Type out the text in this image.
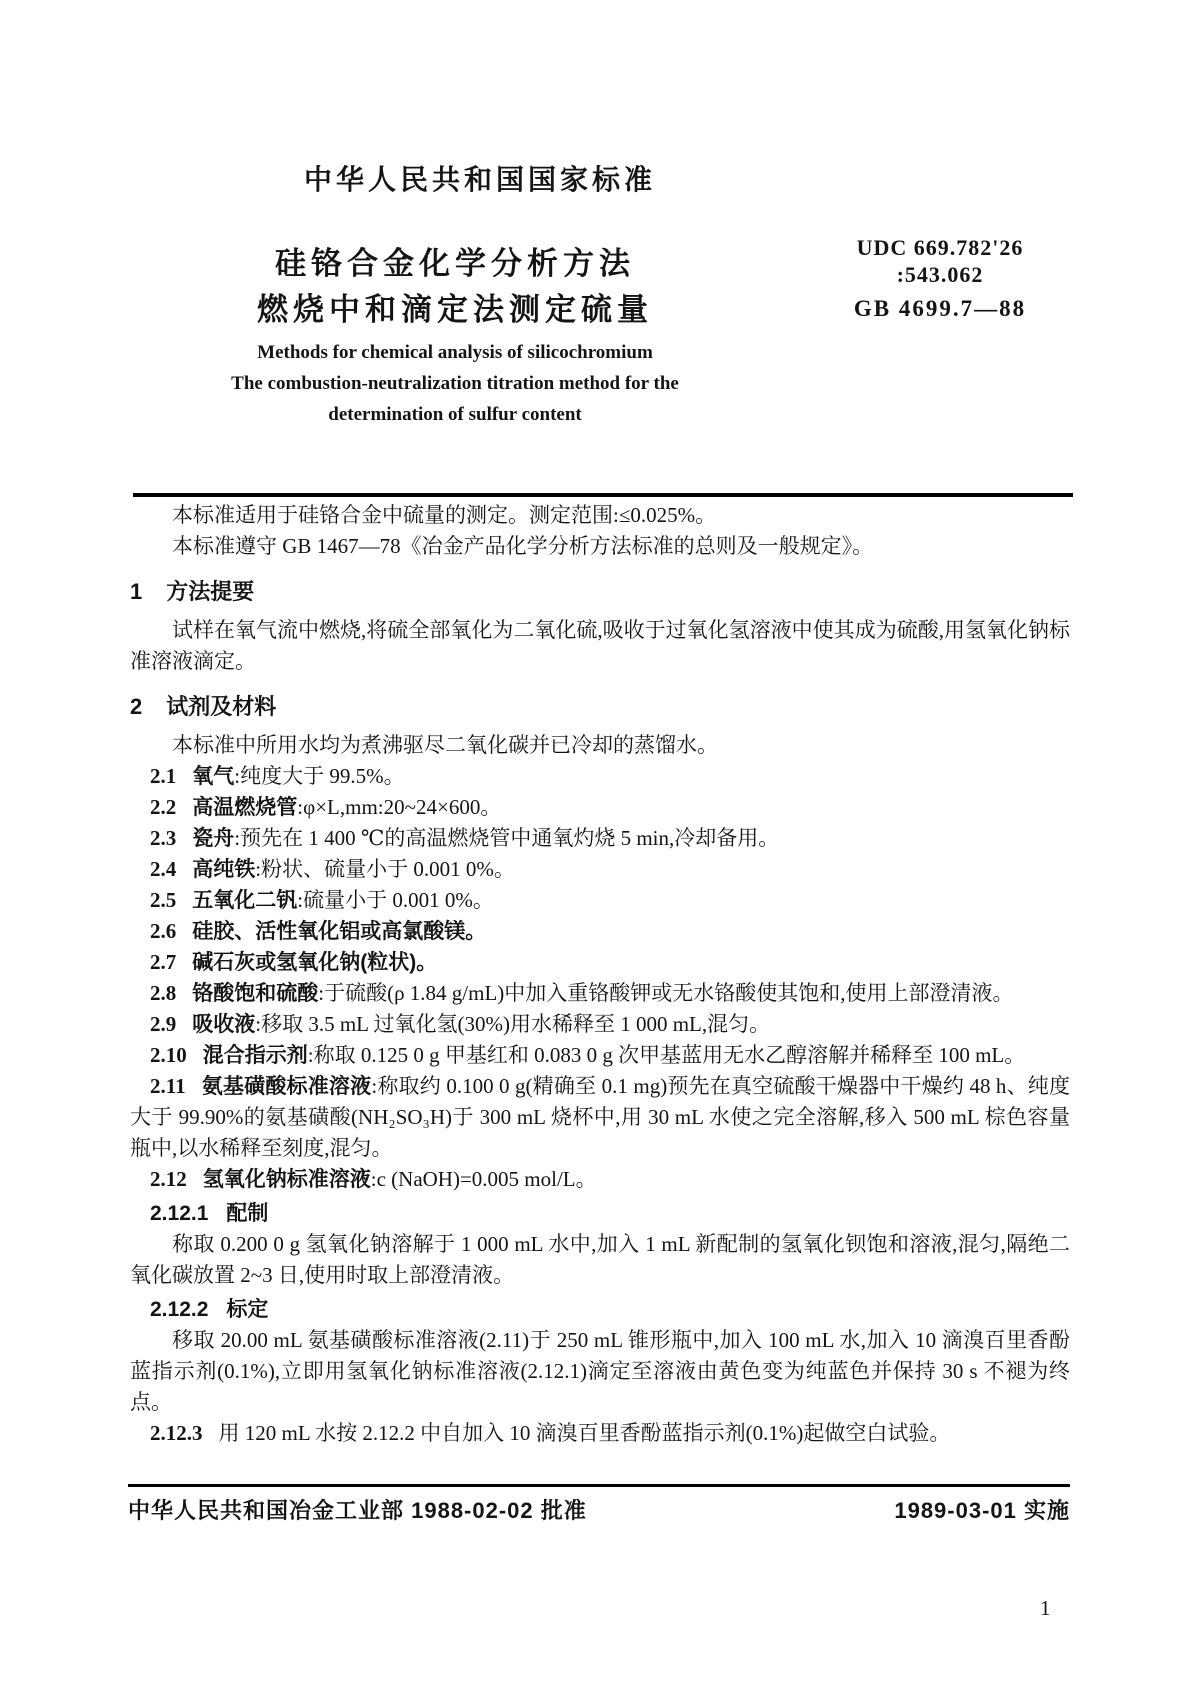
中华人民共和国国家标准
硅铬合金化学分析方法
燃烧中和滴定法测定硫量
UDC 669.782'26
:543.062
GB 4699.7—88
Methods for chemical analysis of silicochromium
The combustion-neutralization titration method for the
determination of sulfur content

本标准适用于硅铬合金中硫量的测定。测定范围:≤0.025%。

本标准遵守 GB 1467—78《冶金产品化学分析方法标准的总则及一般规定》。

1 方法提要

试样在氧气流中燃烧,将硫全部氧化为二氧化硫,吸收于过氧化氢溶液中使其成为硫酸,用氢氧化钠标准溶液滴定。

2 试剂及材料

本标准中所用水均为煮沸驱尽二氧化碳并已冷却的蒸馏水。

2.1 氧气:纯度大于 99.5%。

2.2 高温燃烧管:φ×L,mm:20~24×600。

2.3 瓷舟:预先在 1 400 ℃的高温燃烧管中通氧灼烧 5 min,冷却备用。

2.4 高纯铁:粉状、硫量小于 0.001 0%。

2.5 五氧化二钒:硫量小于 0.001 0%。

2.6 硅胶、活性氧化铝或高氯酸镁。

2.7 碱石灰或氢氧化钠(粒状)。

2.8 铬酸饱和硫酸:于硫酸(ρ 1.84 g/mL)中加入重铬酸钾或无水铬酸使其饱和,使用上部澄清液。

2.9 吸收液:移取 3.5 mL 过氧化氢(30%)用水稀释至 1 000 mL,混匀。

2.10 混合指示剂:称取 0.125 0 g 甲基红和 0.083 0 g 次甲基蓝用无水乙醇溶解并稀释至 100 mL。

2.11 氨基磺酸标准溶液:称取约 0.100 0 g(精确至 0.1 mg)预先在真空硫酸干燥器中干燥约 48 h、纯度大于 99.90%的氨基磺酸(NH₂SO₃H)于 300 mL 烧杯中,用 30 mL 水使之完全溶解,移入 500 mL 棕色容量瓶中,以水稀释至刻度,混匀。

2.12 氢氧化钠标准溶液:c (NaOH)=0.005 mol/L。

2.12.1 配制

称取 0.200 0 g 氢氧化钠溶解于 1 000 mL 水中,加入 1 mL 新配制的氢氧化钡饱和溶液,混匀,隔绝二氧化碳放置 2~3 日,使用时取上部澄清液。

2.12.2 标定

移取 20.00 mL 氨基磺酸标准溶液(2.11)于 250 mL 锥形瓶中,加入 100 mL 水,加入 10 滴溴百里香酚蓝指示剂(0.1%),立即用氢氧化钠标准溶液(2.12.1)滴定至溶液由黄色变为纯蓝色并保持 30 s 不褪为终点。

2.12.3 用 120 mL 水按 2.12.2 中自加入 10 滴溴百里香酚蓝指示剂(0.1%)起做空白试验。

中华人民共和国冶金工业部 1988-02-02 批准	1989-03-01 实施
1
